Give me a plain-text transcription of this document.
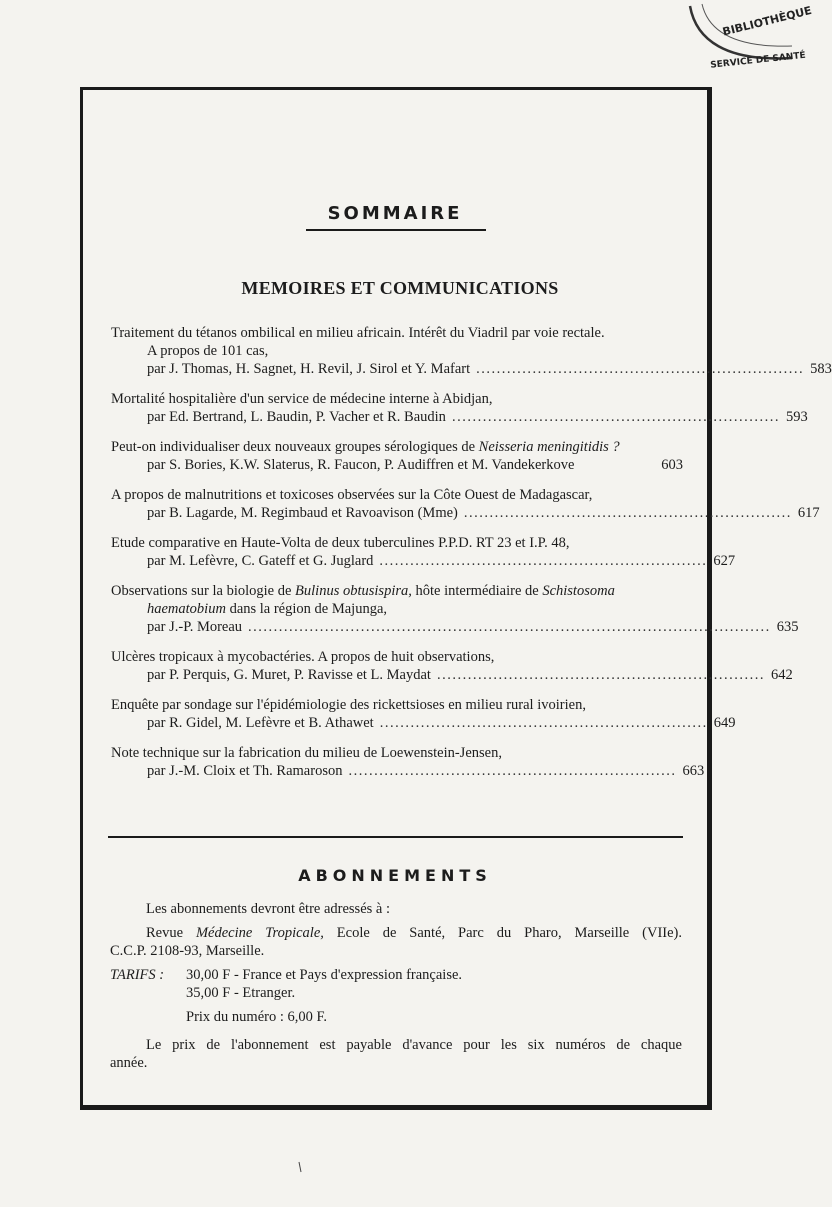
BIBLIOTHÈQUE
SERVICE DE SANTÉ
SOMMAIRE
MEMOIRES ET COMMUNICATIONS
Traitement du tétanos ombilical en milieu africain. Intérêt du Viadril par voie rectale.
A propos de 101 cas,
par J. Thomas, H. Sagnet, H. Revil, J. Sirol et Y. Mafart ................................................................ 583
Mortalité hospitalière d'un service de médecine interne à Abidjan,
par Ed. Bertrand, L. Baudin, P. Vacher et R. Baudin ................................................................ 593
Peut-on individualiser deux nouveaux groupes sérologiques de Neisseria meningitidis ?
par S. Bories, K.W. Slaterus, R. Faucon, P. Audiffren et M. Vandekerkove	603
A propos de malnutritions et toxicoses observées sur la Côte Ouest de Madagascar,
par B. Lagarde, M. Regimbaud et Ravoavison (Mme) ................................................................ 617
Etude comparative en Haute-Volta de deux tuberculines P.P.D. RT 23 et I.P. 48,
par M. Lefèvre, C. Gateff et G. Juglard ................................................................ 627
Observations sur la biologie de Bulinus obtusispira, hôte intermédiaire de Schistosoma
haematobium dans la région de Majunga,
par J.-P. Moreau ...................................................................................................... 635
Ulcères tropicaux à mycobactéries. A propos de huit observations,
par P. Perquis, G. Muret, P. Ravisse et L. Maydat ................................................................ 642
Enquête par sondage sur l'épidémiologie des rickettsioses en milieu rural ivoirien,
par R. Gidel, M. Lefèvre et B. Athawet ................................................................ 649
Note technique sur la fabrication du milieu de Loewenstein-Jensen,
par J.-M. Cloix et Th. Ramaroson ................................................................ 663
ABONNEMENTS

Les abonnements devront être adressés à :

Revue Médecine Tropicale, Ecole de Santé, Parc du Pharo, Marseille (VIIe).

C.C.P. 2108-93, Marseille.

TARIFS : 30,00 F - France et Pays d'expression française.

35,00 F - Etranger.

Prix du numéro : 6,00 F.

Le prix de l'abonnement est payable d'avance pour les six numéros de chaque

année.
